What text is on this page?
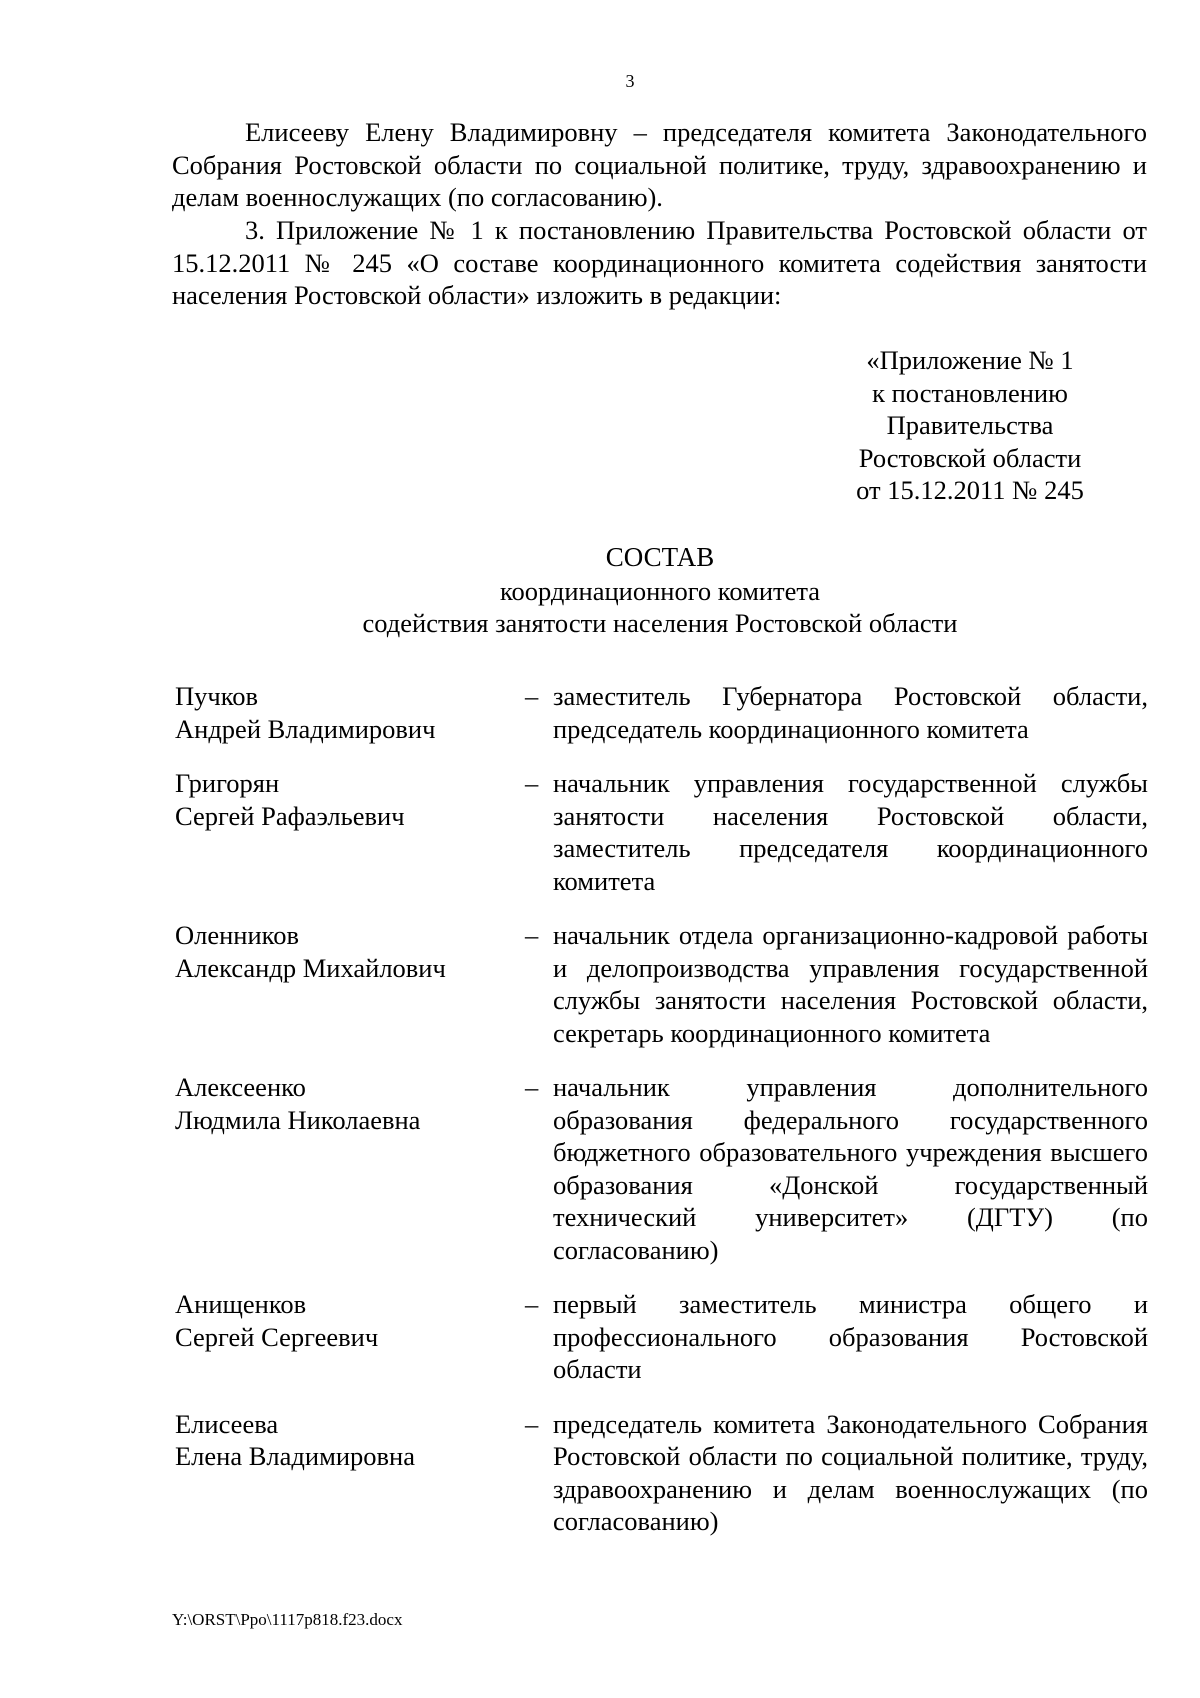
3
Елисееву Елену Владимировну – председателя комитета Законодательного Собрания Ростовской области по социальной политике, труду, здравоохранению и делам военнослужащих (по согласованию).
3. Приложение № 1 к постановлению Правительства Ростовской области от 15.12.2011 № 245 «О составе координационного комитета содействия занятости населения Ростовской области» изложить в редакции:
«Приложение № 1
к постановлению
Правительства
Ростовской области
от 15.12.2011 № 245
СОСТАВ
координационного комитета
содействия занятости населения Ростовской области
Пучков
Андрей Владимирович
– заместитель Губернатора Ростовской области, председатель координационного комитета
Григорян
Сергей Рафаэльевич
– начальник управления государственной службы занятости населения Ростовской области, заместитель председателя координационного комитета
Оленников
Александр Михайлович
– начальник отдела организационно-кадровой работы и делопроизводства управления государственной службы занятости населения Ростовской области, секретарь координационного комитета
Алексеенко
Людмила Николаевна
– начальник управления дополнительного образования федерального государственного бюджетного образовательного учреждения высшего образования «Донской государственный технический университет» (ДГТУ) (по согласованию)
Анищенков
Сергей Сергеевич
– первый заместитель министра общего и профессионального образования Ростовской области
Елисеева
Елена Владимировна
– председатель комитета Законодательного Собрания Ростовской области по социальной политике, труду, здравоохранению и делам военнослужащих (по согласованию)
Y:\ORST\Ppo\1117p818.f23.docx
